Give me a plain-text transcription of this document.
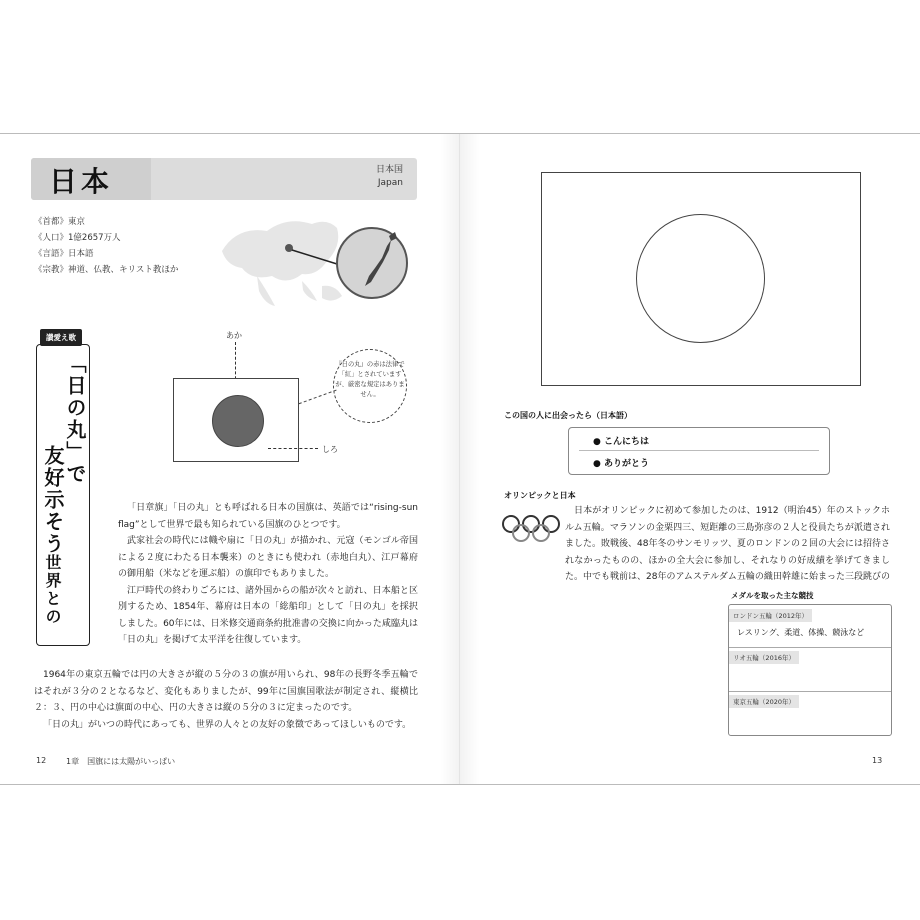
日本	日本国
Japan
《首都》東京
《人口》1億2657万人
《言語》日本語
《宗教》神道、仏教、キリスト教ほか
讃愛え歌
「日の丸」で
友好示そう
世界との
あか
しろ
『日の丸』の赤は法律で「紅」とされていますが、厳密な規定はありません。

「日章旗」「日の丸」とも呼ばれる日本の国旗は、英語では“rising-sun flag”として世界で最も知られている国旗のひとつです。

武家社会の時代には幟や扇に「日の丸」が描かれ、元寇（モンゴル帝国による２度にわたる日本襲来）のときにも使われ（赤地白丸）、江戸幕府の御用船（米などを運ぶ船）の旗印でもありました。

江戸時代の終わりごろには、諸外国からの船が次々と訪れ、日本船と区別するため、1854年、幕府は日本の「総船印」として「日の丸」を採択しました。60年には、日米修交通商条約批准書の交換に向かった咸臨丸は「日の丸」を掲げて太平洋を往復しています。

1964年の東京五輪では円の大きさが縦の５分の３の旗が用いられ、98年の長野冬季五輪ではそれが３分の２となるなど、変化もありましたが、99年に国旗国歌法が制定され、縦横比２：３、円の中心は旗面の中心、円の大きさは縦の５分の３に定まったのです。

「日の丸」がいつの時代にあっても、世界の人々との友好の象徴であってほしいものです。

12 1章　国旗には太陽がいっぱい
この国の人に出会ったら（日本語）
● こんにちは
● ありがとう
オリンピックと日本

日本がオリンピックに初めて参加したのは、1912（明治45）年のストックホルム五輪。マラソンの金栗四三、短距離の三島弥彦の２人と役員たちが派遣されました。敗戦後、48年冬のサンモリッツ、夏のロンドンの２回の大会には招待されなかったものの、ほかの全大会に参加し、それなりの好成績を挙げてきました。中でも戦前は、28年のアムステルダム五輪の織田幹雄に始まった三段跳びの

メダルを取った主な競技
ロンドン五輪（2012年）
レスリング、柔道、体操、競泳など
リオ五輪（2016年）
東京五輪（2020年）
13
